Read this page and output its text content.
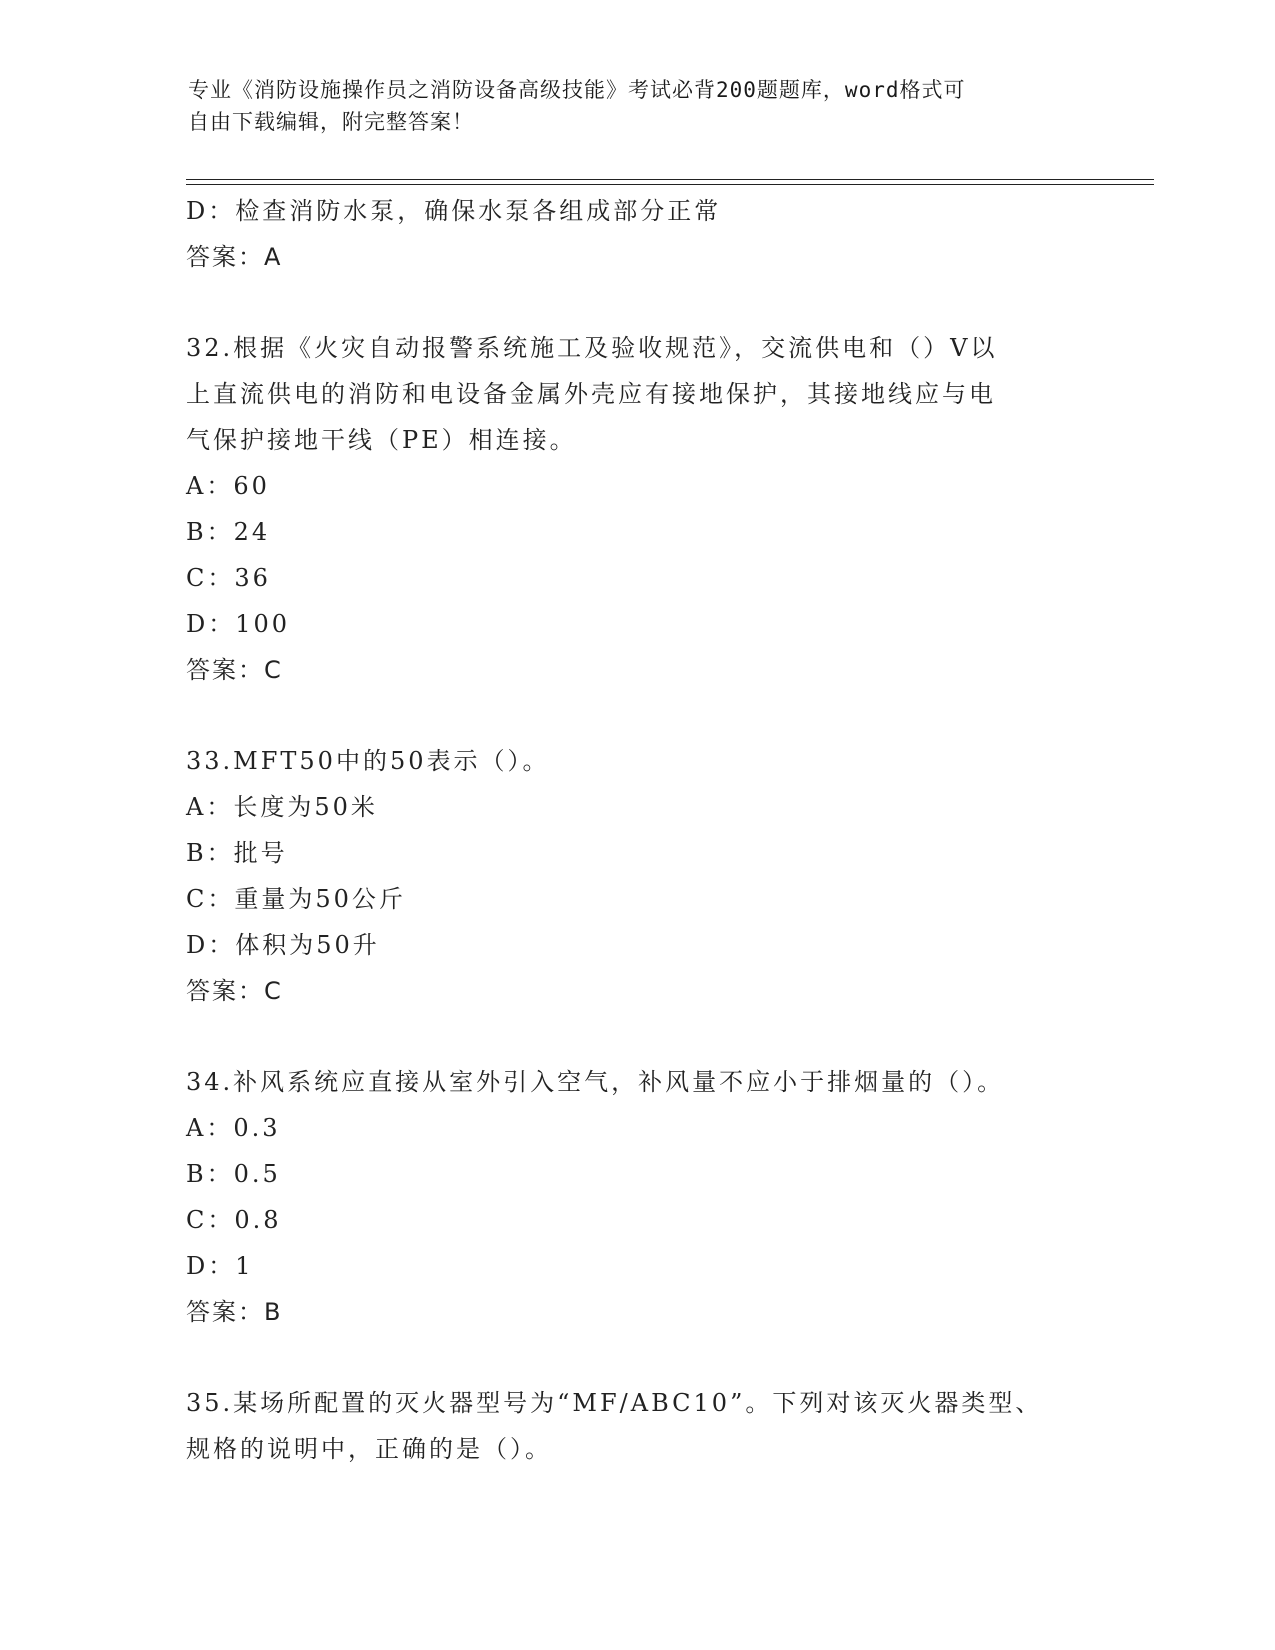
专业《消防设施操作员之消防设备高级技能》考试必背200题题库，word格式可
自由下载编辑，附完整答案！
D：检查消防水泵，确保水泵各组成部分正常
答案：A
32.根据《火灾自动报警系统施工及验收规范》，交流供电和（）V以
上直流供电的消防和电设备金属外壳应有接地保护，其接地线应与电
气保护接地干线（PE）相连接。
A：60
B：24
C：36
D：100
答案：C
33.MFT50中的50表示（）。
A：长度为50米
B：批号
C：重量为50公斤
D：体积为50升
答案：C
34.补风系统应直接从室外引入空气，补风量不应小于排烟量的（）。
A：0.3
B：0.5
C：0.8
D：1
答案：B
35.某场所配置的灭火器型号为“MF/ABC10”。下列对该灭火器类型、
规格的说明中，正确的是（）。
